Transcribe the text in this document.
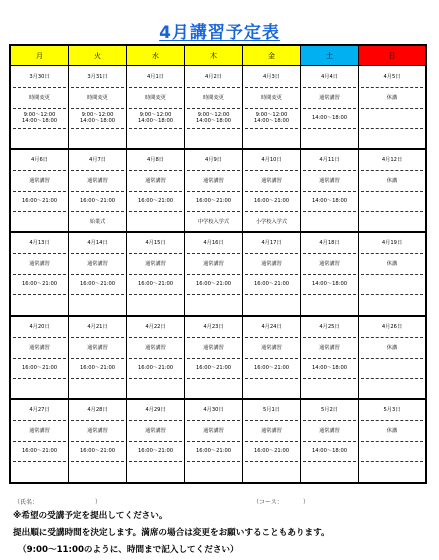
4月講習予定表
月	火	水	木	金	土	日
3月30日
時間変更
9:00〜12:00
14:00〜18:00
3月31日
時間変更
9:00〜12:00
14:00〜18:00
4月1日
時間変更
9:00〜12:00
14:00〜18:00
4月2日
時間変更
9:00〜12:00
14:00〜18:00
4月3日
時間変更
9:00〜12:00
14:00〜18:00
4月4日
通常講習
14:00〜18:00
4月5日
休講
4月6日
通常講習
16:00〜21:00
4月7日
通常講習
16:00〜21:00
始業式
4月8日
通常講習
16:00〜21:00
4月9日
通常講習
16:00〜21:00
中学校入学式
4月10日
通常講習
16:00〜21:00
小学校入学式
4月11日
通常講習
14:00〜18:00
4月12日
休講
4月13日
通常講習
16:00〜21:00
4月14日
通常講習
16:00〜21:00
4月15日
通常講習
16:00〜21:00
4月16日
通常講習
16:00〜21:00
4月17日
通常講習
16:00〜21:00
4月18日
通常講習
14:00〜18:00
4月19日
休講
4月20日
通常講習
16:00〜21:00
4月21日
通常講習
16:00〜21:00
4月22日
通常講習
16:00〜21:00
4月23日
通常講習
16:00〜21:00
4月24日
通常講習
16:00〜21:00
4月25日
通常講習
14:00〜18:00
4月26日
休講
4月27日
通常講習
16:00〜21:00
4月28日
通常講習
16:00〜21:00
4月29日
通常講習
16:00〜21:00
4月30日
通常講習
16:00〜21:00
5月1日
通常講習
16:00〜21:00
5月2日
通常講習
14:00〜18:00
5月3日
休講
（氏名：	）	（コース：	）
※希望の受講予定を提出してください。
提出順に受講時間を決定します。満席の場合は変更をお願いすることもあります。
（9:00〜11:00のように、時間まで記入してください）
